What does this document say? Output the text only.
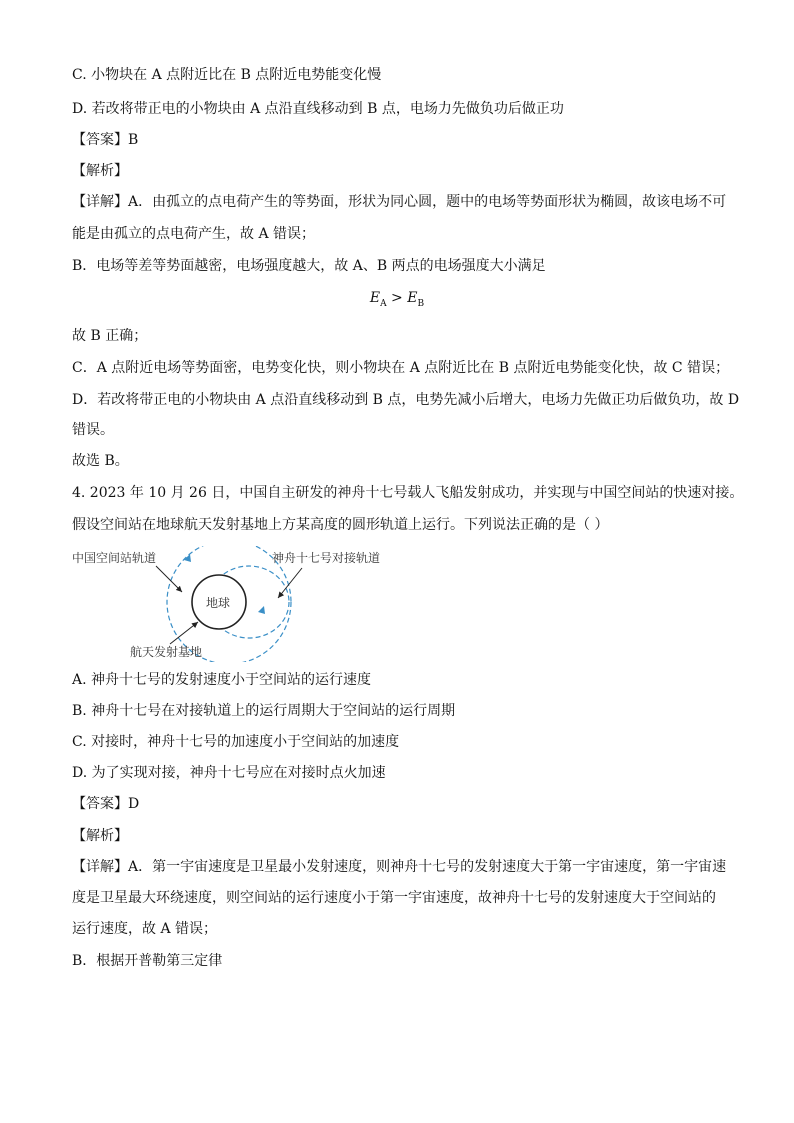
C. 小物块在 A 点附近比在 B 点附近电势能变化慢
D. 若改将带正电的小物块由 A 点沿直线移动到 B 点，电场力先做负功后做正功
【答案】B
【解析】
【详解】A．由孤立的点电荷产生的等势面，形状为同心圆，题中的电场等势面形状为椭圆，故该电场不可
能是由孤立的点电荷产生，故 A 错误；
B．电场等差等势面越密，电场强度越大，故 A、B 两点的电场强度大小满足
$E_A > E_B$
故 B 正确；
C．A 点附近电场等势面密，电势变化快，则小物块在 A 点附近比在 B 点附近电势能变化快，故 C 错误；
D．若改将带正电的小物块由 A 点沿直线移动到 B 点，电势先减小后增大，电场力先做正功后做负功，故 D
错误。
故选 B。
4. 2023 年 10 月 26 日，中国自主研发的神舟十七号载人飞船发射成功，并实现与中国空间站的快速对接。
假设空间站在地球航天发射基地上方某高度的圆形轨道上运行。下列说法正确的是（ ）
地球
中国空间站轨道	神舟十七号对接轨道
航天发射基地
A. 神舟十七号的发射速度小于空间站的运行速度
B. 神舟十七号在对接轨道上的运行周期大于空间站的运行周期
C. 对接时，神舟十七号的加速度小于空间站的加速度
D. 为了实现对接，神舟十七号应在对接时点火加速
【答案】D
【解析】
【详解】A．第一宇宙速度是卫星最小发射速度，则神舟十七号的发射速度大于第一宇宙速度，第一宇宙速
度是卫星最大环绕速度，则空间站的运行速度小于第一宇宙速度，故神舟十七号的发射速度大于空间站的
运行速度，故 A 错误；
B．根据开普勒第三定律
